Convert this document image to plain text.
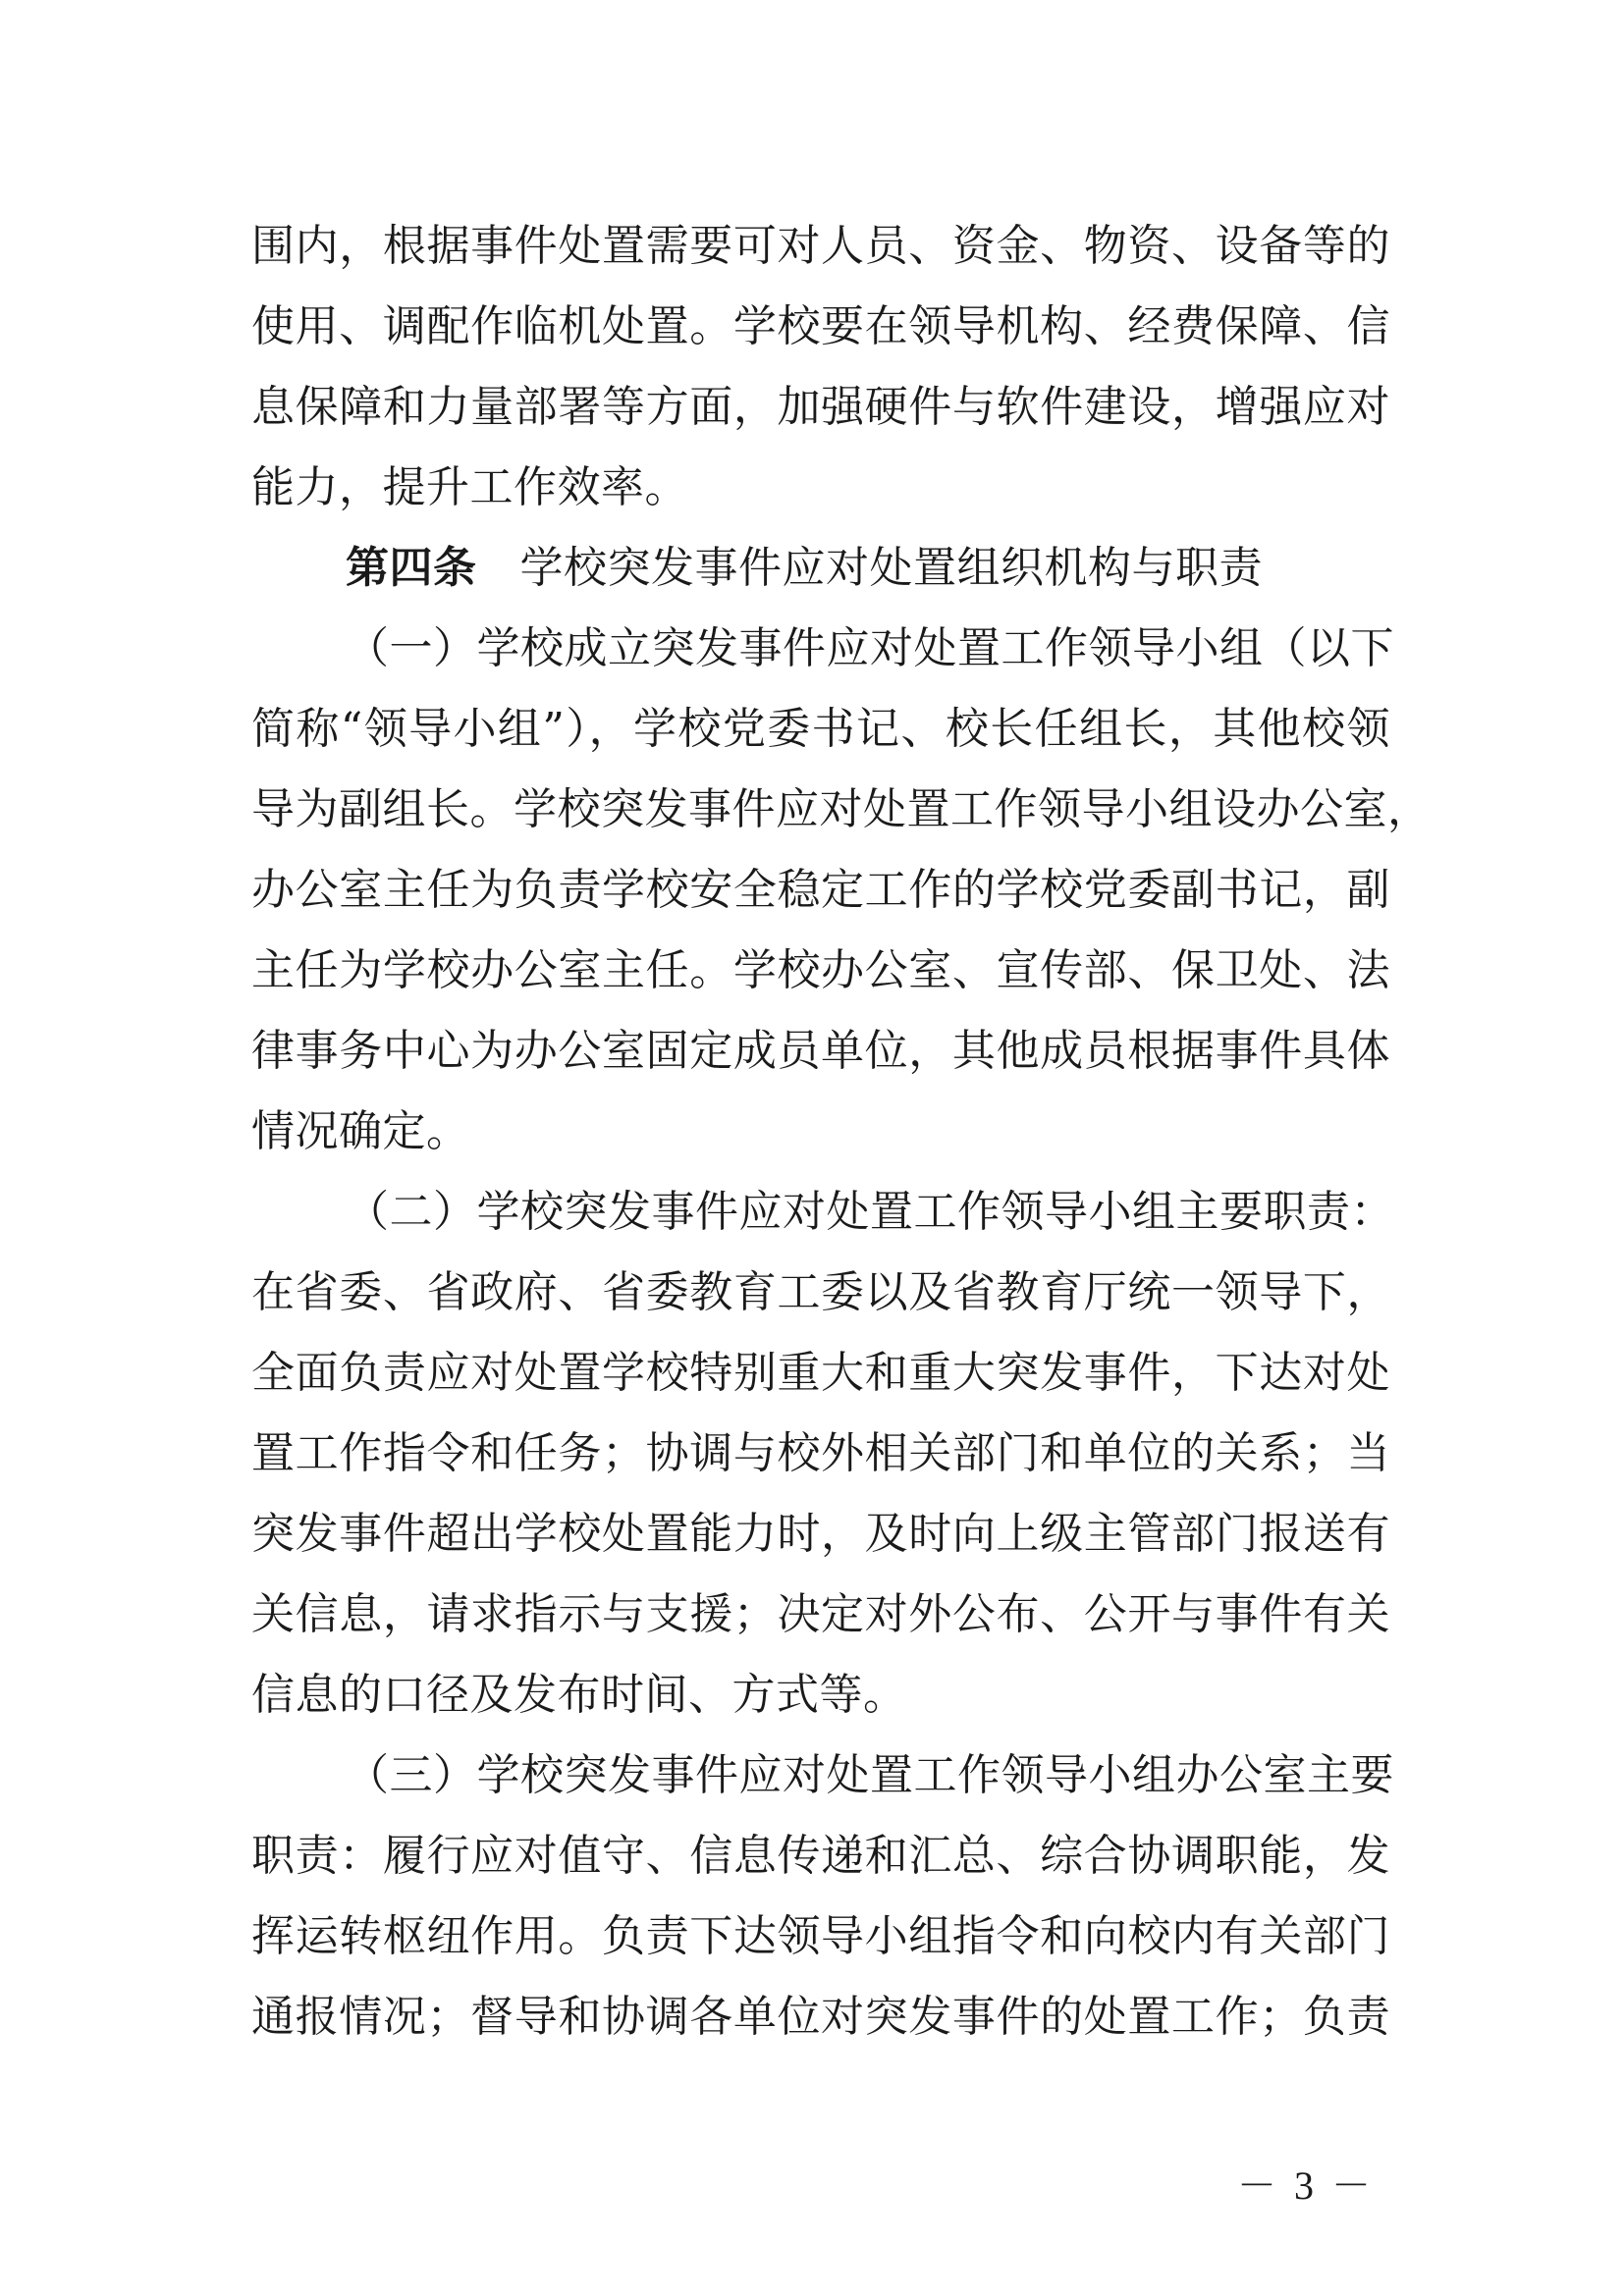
围内，根据事件处置需要可对人员、资金、物资、设备等的
使用、调配作临机处置。学校要在领导机构、经费保障、信
息保障和力量部署等方面，加强硬件与软件建设，增强应对
能力，提升工作效率。
第四条 学校突发事件应对处置组织机构与职责
（一）学校成立突发事件应对处置工作领导小组（以下
简称“领导小组”），学校党委书记、校长任组长，其他校领
导为副组长。学校突发事件应对处置工作领导小组设办公室，
办公室主任为负责学校安全稳定工作的学校党委副书记，副
主任为学校办公室主任。学校办公室、宣传部、保卫处、法
律事务中心为办公室固定成员单位，其他成员根据事件具体
情况确定。
（二）学校突发事件应对处置工作领导小组主要职责：
在省委、省政府、省委教育工委以及省教育厅统一领导下，
全面负责应对处置学校特别重大和重大突发事件，下达对处
置工作指令和任务；协调与校外相关部门和单位的关系；当
突发事件超出学校处置能力时，及时向上级主管部门报送有
关信息，请求指示与支援；决定对外公布、公开与事件有关
信息的口径及发布时间、方式等。
（三）学校突发事件应对处置工作领导小组办公室主要
职责：履行应对值守、信息传递和汇总、综合协调职能，发
挥运转枢纽作用。负责下达领导小组指令和向校内有关部门
通报情况；督导和协调各单位对突发事件的处置工作；负责
－ 3 －
